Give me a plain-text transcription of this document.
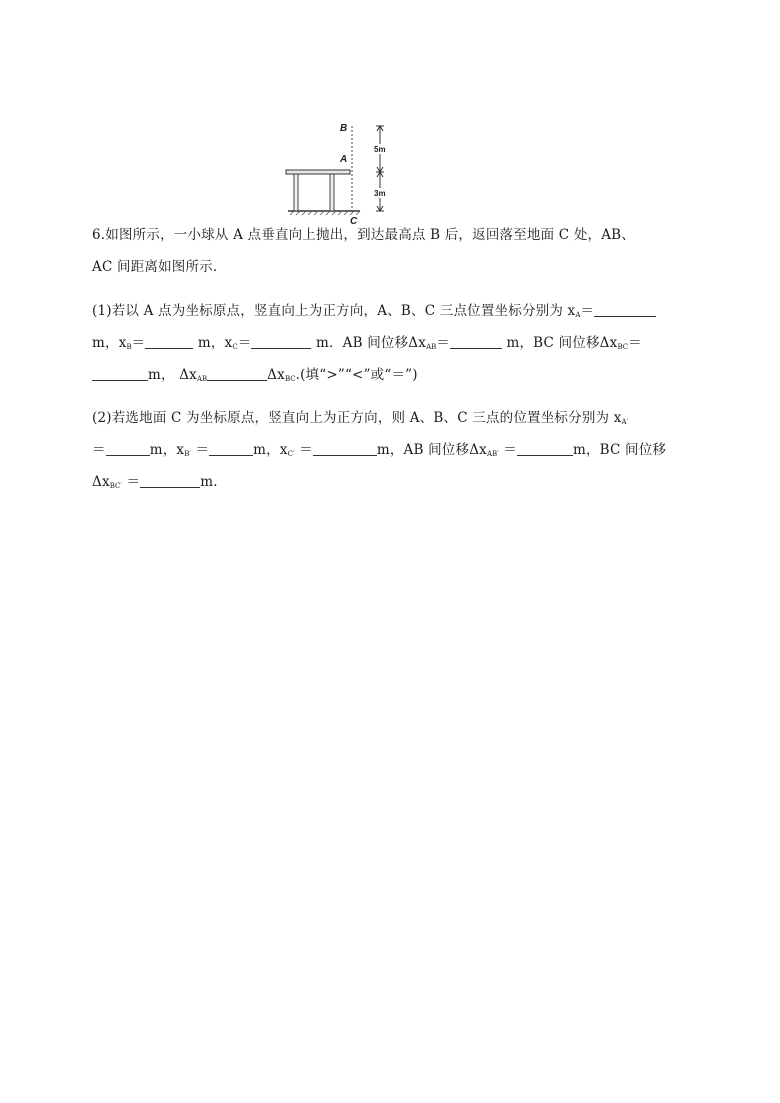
B
A
C
5m
3m
6.如图所示，一小球从 A 点垂直向上抛出，到达最高点 B 后，返回落至地面 C 处，AB、
AC 间距离如图所示.
(1)若以 A 点为坐标原点，竖直向上为正方向，A、B、C 三点位置坐标分别为 $x_A=$
m，$x_B=$	m，$x_C=$	m．AB 间位移$\Delta x_{AB}=$	m，BC 间位移$\Delta x_{BC}=$
m， $\Delta x_{AB}$	$\Delta x_{BC}$.(填“>”“<”或“＝”)
(2)若选地面 C 为坐标原点，竖直向上为正方向，则 A、B、C 三点的位置坐标分别为 $x_{A'}$
＝	m，$x_{B'}$ ＝	m，$x_{C'}$ ＝	m，AB 间位移$\Delta x_{AB'}$ ＝	m，BC 间位移
$\Delta x_{BC'}$ ＝	m.
